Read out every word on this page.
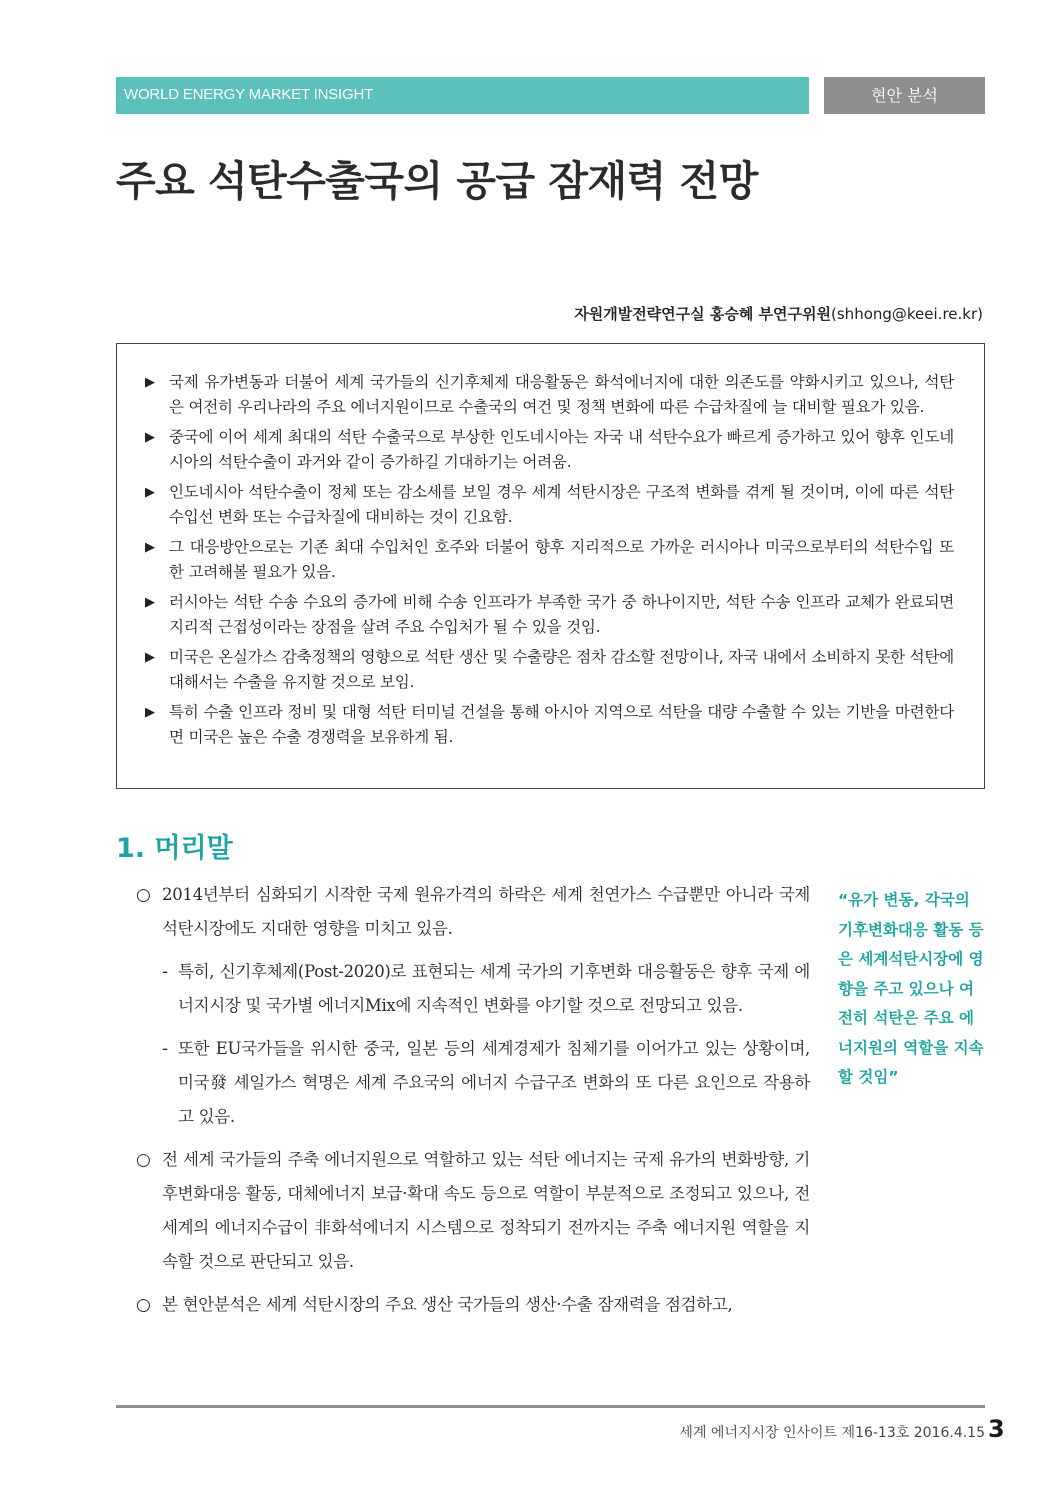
WORLD ENERGY MARKET INSIGHT	현안 분석
주요 석탄수출국의 공급 잠재력 전망
자원개발전략연구실 홍승혜 부연구위원(shhong@keei.re.kr)
▶ 국제 유가변동과 더불어 세계 국가들의 신기후체제 대응활동은 화석에너지에 대한 의존도를 약화시키고 있으나, 석탄은 여전히 우리나라의 주요 에너지원이므로 수출국의 여건 및 정책 변화에 따른 수급차질에 늘 대비할 필요가 있음.
▶ 중국에 이어 세계 최대의 석탄 수출국으로 부상한 인도네시아는 자국 내 석탄수요가 빠르게 증가하고 있어 향후 인도네시아의 석탄수출이 과거와 같이 증가하길 기대하기는 어려움.
▶ 인도네시아 석탄수출이 정체 또는 감소세를 보일 경우 세계 석탄시장은 구조적 변화를 겪게 될 것이며, 이에 따른 석탄 수입선 변화 또는 수급차질에 대비하는 것이 긴요함.
▶ 그 대응방안으로는 기존 최대 수입처인 호주와 더불어 향후 지리적으로 가까운 러시아나 미국으로부터의 석탄수입 또한 고려해볼 필요가 있음.
▶ 러시아는 석탄 수송 수요의 증가에 비해 수송 인프라가 부족한 국가 중 하나이지만, 석탄 수송 인프라 교체가 완료되면 지리적 근접성이라는 장점을 살려 주요 수입처가 될 수 있을 것임.
▶ 미국은 온실가스 감축정책의 영향으로 석탄 생산 및 수출량은 점차 감소할 전망이나, 자국 내에서 소비하지 못한 석탄에 대해서는 수출을 유지할 것으로 보임.
▶ 특히 수출 인프라 정비 및 대형 석탄 터미널 건설을 통해 아시아 지역으로 석탄을 대량 수출할 수 있는 기반을 마련한다면 미국은 높은 수출 경쟁력을 보유하게 됨.
1. 머리말
○ 2014년부터 심화되기 시작한 국제 원유가격의 하락은 세계 천연가스 수급뿐만 아니라 국제 석탄시장에도 지대한 영향을 미치고 있음.
- 특히, 신기후체제(Post-2020)로 표현되는 세계 국가의 기후변화 대응활동은 향후 국제 에너지시장 및 국가별 에너지Mix에 지속적인 변화를 야기할 것으로 전망되고 있음.
- 또한 EU국가들을 위시한 중국, 일본 등의 세계경제가 침체기를 이어가고 있는 상황이며, 미국發 셰일가스 혁명은 세계 주요국의 에너지 수급구조 변화의 또 다른 요인으로 작용하고 있음.
○ 전 세계 국가들의 주축 에너지원으로 역할하고 있는 석탄 에너지는 국제 유가의 변화방향, 기후변화대응 활동, 대체에너지 보급·확대 속도 등으로 역할이 부분적으로 조정되고 있으나, 전 세계의 에너지수급이 非화석에너지 시스템으로 정착되기 전까지는 주축 에너지원 역할을 지속할 것으로 판단되고 있음.
○ 본 현안분석은 세계 석탄시장의 주요 생산 국가들의 생산·수출 잠재력을 점검하고,
“유가 변동, 각국의 기후변화대응 활동 등은 세계석탄시장에 영향을 주고 있으나 여전히 석탄은 주요 에너지원의 역할을 지속할 것임”
세계 에너지시장 인사이트 제16-13호 2016.4.15 3
